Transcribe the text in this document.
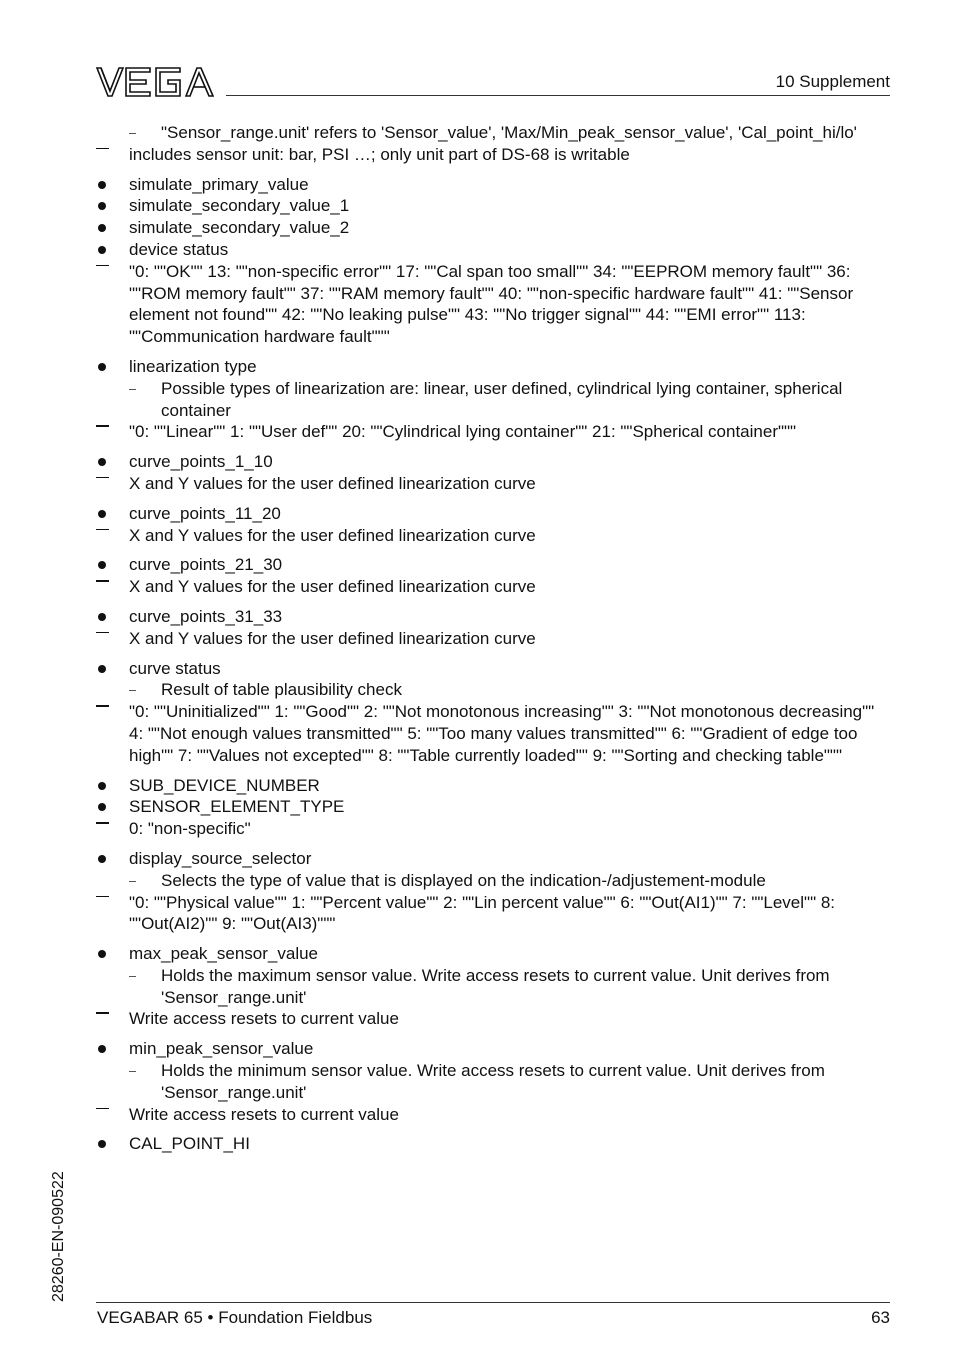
VEGA
10 Supplement
"Sensor_range.unit' refers to 'Sensor_value', 'Max/Min_peak_sensor_value', 'Cal_point_hi/lo'
includes sensor unit: bar, PSI …; only unit part of DS-68 is writable
simulate_primary_value
simulate_secondary_value_1
simulate_secondary_value_2
device status
"0: ""OK"" 13: ""non-specific error"" 17: ""Cal span too small"" 34: ""EEPROM memory fault"" 36: ""ROM memory fault"" 37: ""RAM memory fault"" 40: ""non-specific hardware fault"" 41: ""Sensor element not found"" 42: ""No leaking pulse"" 43: ""No trigger signal"" 44: ""EMI error"" 113: ""Communication hardware fault"""
linearization type
Possible types of linearization are: linear, user defined, cylindrical lying container, spherical container
"0: ""Linear"" 1: ""User def"" 20: ""Cylindrical lying container"" 21: ""Spherical container"""
curve_points_1_10
X and Y values for the user defined linearization curve
curve_points_11_20
X and Y values for the user defined linearization curve
curve_points_21_30
X and Y values for the user defined linearization curve
curve_points_31_33
X and Y values for the user defined linearization curve
curve status
Result of table plausibility check
"0: ""Uninitialized"" 1: ""Good"" 2: ""Not monotonous increasing"" 3: ""Not monotonous decreasing"" 4: ""Not enough values transmitted"" 5: ""Too many values transmitted"" 6: ""Gradient of edge too high"" 7: ""Values not excepted"" 8: ""Table currently loaded"" 9: ""Sorting and checking table"""
SUB_DEVICE_NUMBER
SENSOR_ELEMENT_TYPE
0: "non-specific"
display_source_selector
Selects the type of value that is displayed on the indication-/adjustement-module
"0: ""Physical value"" 1: ""Percent value"" 2: ""Lin percent value"" 6: ""Out(AI1)"" 7: ""Level"" 8: ""Out(AI2)"" 9: ""Out(AI3)"""
max_peak_sensor_value
Holds the maximum sensor value. Write access resets to current value. Unit derives from 'Sensor_range.unit'
Write access resets to current value
min_peak_sensor_value
Holds the minimum sensor value. Write access resets to current value. Unit derives from 'Sensor_range.unit'
Write access resets to current value
CAL_POINT_HI
28260-EN-090522
VEGABAR 65 • Foundation Fieldbus	63
